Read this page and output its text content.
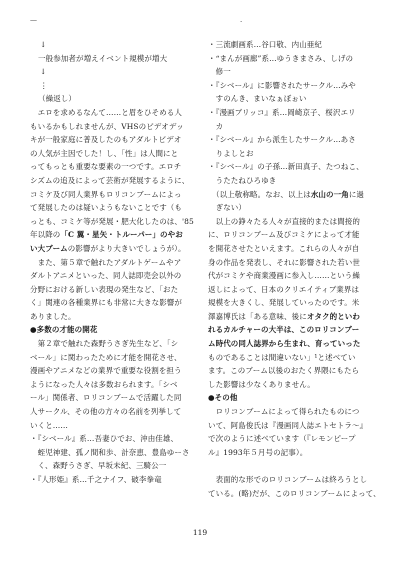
—	·
↓
一般参加者が増えイベント規模が増大
↓
⋮
（繰返し）
　エロを求めるなんて……と眉をひそめる人
もいるかもしれませんが、VHSのビデオデッ
キが一般家庭に普及したのもアダルトビデオ
の人気が主因でした！し、「性」は人間にと
ってもっとも重要な要素の一つです。エロチ
シズムの追及によって芸術が発展するように、
コミケ及び同人業界もロリコンブームによっ
て発展したのは疑いようもないことです（も
っとも、コミケ等が発展・肥大化したのは、'85
年以降の「C 翼・星矢・トルーパー」のやお
い大ブームの影響がより大きいでしょうが）。
　また、第５章で触れたアダルトゲームやア
ダルトアニメといった、同人誌即売会以外の
分野における新しい表現の発生など、「おた
く」関連の各種業界にも非常に大きな影響が
ありました。
●多数の才能の開花
　第２章で触れた森野うさぎ先生など、「シ
ベール」に関わったために才能を開花させ、
漫画やアニメなどの業界で重要な役割を担う
ようになった人々は多数おられます。「シベ
ール」関係者、ロリコンブームで活躍した同
人サークル、その他の方々の名前を列挙して
いくと……
・『シベール』系…吾妻ひでお、沖由佳雄、
　蛭児神建、孤ノ間和歩、計奈恵、豊島ゆーさ
　く、森野うさぎ、早坂未紀、三騎公一
・『人形姫』系…千之ナイフ、破李拳竜
・三流劇画系…谷口敬、内山亜紀
・“まんが画廊”系…ゆうきまさみ、しげの
　修一
・『シベール』に影響されたサークル…みや
　すのんき、まいなぁぼぉい
・『漫画ブリッコ』系…岡崎京子、桜沢エリ
　カ
・『シベール』から派生したサークル…あさ
　りよしとお
・『シベール』の子孫…新田真子、たつねこ、
　うたたねひろゆき
（以上敬称略。なお、以上は水山の一角に過
　ぎない）
　以上の錚々たる人々が直接的または間接的
に、ロリコンブーム及びコミケによって才能
を開花させたといえます。これらの人々が自
身の作品を発表し、それに影響された若い世
代がコミケや商業漫画に参入し……という繰
返しによって、日本のクリエイティブ業界は
規模を大きくし、発展していったのです。米
澤嘉博氏は「ある意味、後にオタク的といわ
れるカルチャーの大半は、このロリコンブー
ム時代の同人誌界から生まれ、育っていった
ものであることは間違いない」¹と述べてい
ます。このブーム以後のおたく界隈にもたら
した影響は少なくありません。
●その他
　ロリコンブームによって得られたものにつ
いて、阿島俊氏は『漫画同人誌エトセトラ〜』
で次のように述べています（『レモンピープ
ル』1993年５月号の記事）。
　表面的な形でのロリコンブームは終ろうとし
ている。(略)だが、このロリコンブームによって、
119
